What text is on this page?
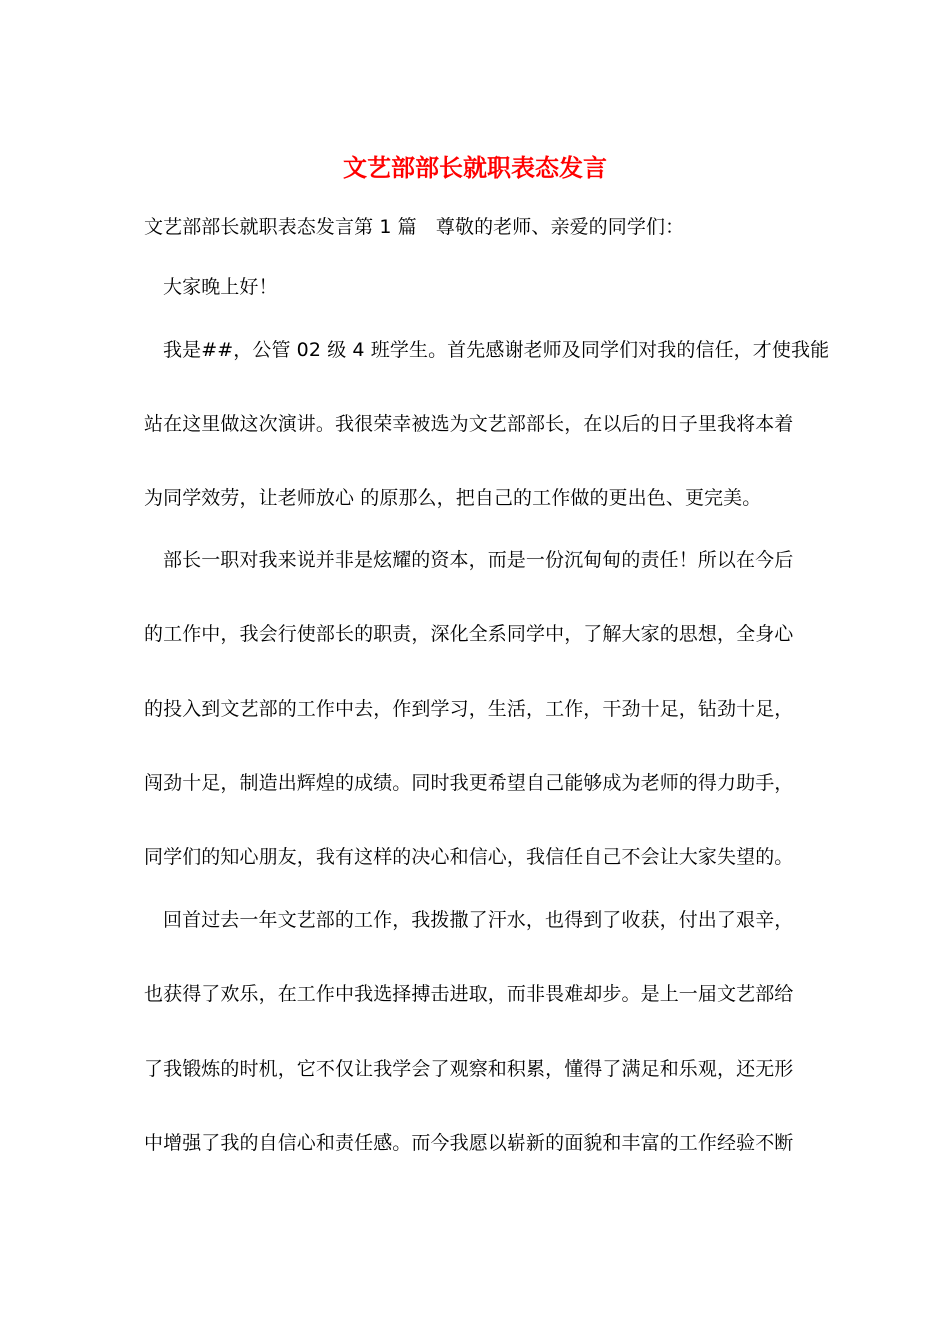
文艺部部长就职表态发言
文艺部部长就职表态发言第 1 篇　尊敬的老师、亲爱的同学们：
大家晚上好！
我是##，公管 02 级 4 班学生。首先感谢老师及同学们对我的信任，才使我能
站在这里做这次演讲。我很荣幸被选为文艺部部长，在以后的日子里我将本着
为同学效劳，让老师放心 的原那么，把自己的工作做的更出色、更完美。
部长一职对我来说并非是炫耀的资本，而是一份沉甸甸的责任！所以在今后
的工作中，我会行使部长的职责，深化全系同学中，了解大家的思想，全身心
的投入到文艺部的工作中去，作到学习，生活，工作，干劲十足，钻劲十足，
闯劲十足，制造出辉煌的成绩。同时我更希望自己能够成为老师的得力助手，
同学们的知心朋友，我有这样的决心和信心，我信任自己不会让大家失望的。
回首过去一年文艺部的工作，我拨撒了汗水，也得到了收获，付出了艰辛，
也获得了欢乐，在工作中我选择搏击进取，而非畏难却步。是上一届文艺部给
了我锻炼的时机，它不仅让我学会了观察和积累，懂得了满足和乐观，还无形
中增强了我的自信心和责任感。而今我愿以崭新的面貌和丰富的工作经验不断
